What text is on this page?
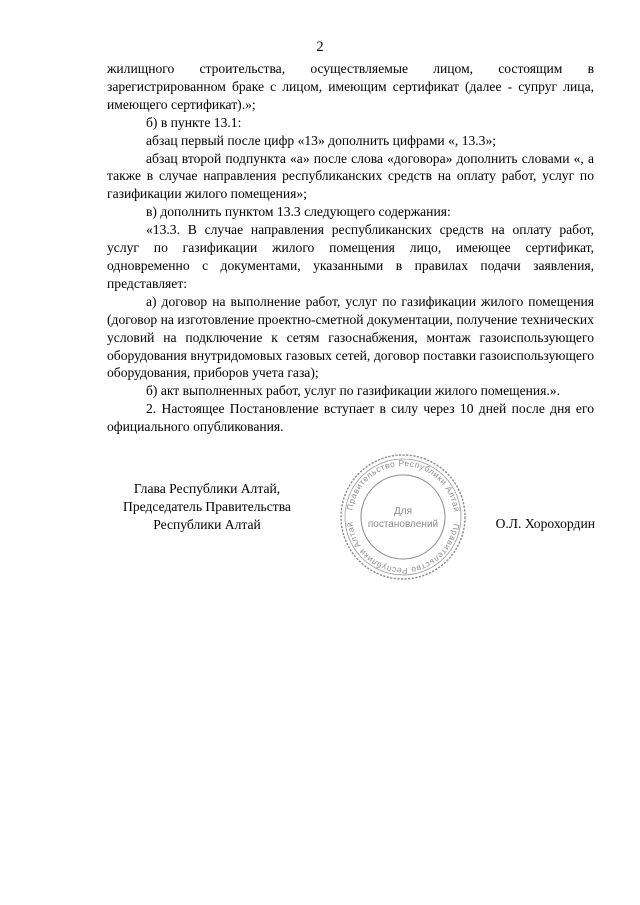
2

жилищного строительства, осуществляемые лицом, состоящим в зарегистрированном браке с лицом, имеющим сертификат (далее - супруг лица, имеющего сертификат).»;

б) в пункте 13.1:

абзац первый после цифр «13» дополнить цифрами «, 13.3»;

абзац второй подпункта «а» после слова «договора» дополнить словами «, а также в случае направления республиканских средств на оплату работ, услуг по газификации жилого помещения»;

в) дополнить пунктом 13.3 следующего содержания:

«13.3. В случае направления республиканских средств на оплату работ, услуг по газификации жилого помещения лицо, имеющее сертификат, одновременно с документами, указанными в правилах подачи заявления, представляет:

а) договор на выполнение работ, услуг по газификации жилого помещения (договор на изготовление проектно-сметной документации, получение технических условий на подключение к сетям газоснабжения, монтаж газоиспользующего оборудования внутридомовых газовых сетей, договор поставки газоиспользующего оборудования, приборов учета газа);

б) акт выполненных работ, услуг по газификации жилого помещения.».

2. Настоящее Постановление вступает в силу через 10 дней после дня его официального опубликования.

Глава Республики Алтай,
Председатель Правительства
Республики Алтай
Правительство Республики Алтай
Правительство Республики Алтай
Для
постановлений	О.Л. Хорохордин
